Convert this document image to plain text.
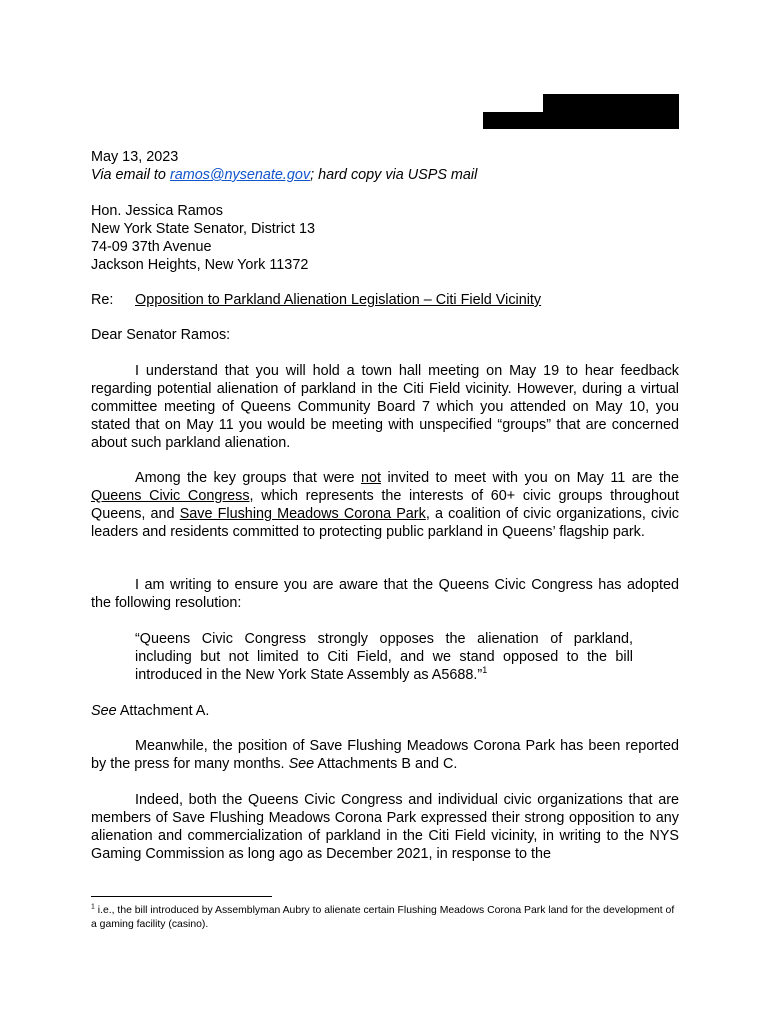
May 13, 2023

Via email to ramos@nysenate.gov; hard copy via USPS mail

Hon. Jessica Ramos
New York State Senator, District 13
74-09 37th Avenue
Jackson Heights, New York 11372

Re: Opposition to Parkland Alienation Legislation – Citi Field Vicinity

Dear Senator Ramos:

I understand that you will hold a town hall meeting on May 19 to hear feedback regarding potential alienation of parkland in the Citi Field vicinity. However, during a virtual committee meeting of Queens Community Board 7 which you attended on May 10, you stated that on May 11 you would be meeting with unspecified “groups” that are concerned about such parkland alienation.

Among the key groups that were not invited to meet with you on May 11 are the Queens Civic Congress, which represents the interests of 60+ civic groups throughout Queens, and Save Flushing Meadows Corona Park, a coalition of civic organizations, civic leaders and residents committed to protecting public parkland in Queens’ flagship park.

I am writing to ensure you are aware that the Queens Civic Congress has adopted the following resolution:

“Queens Civic Congress strongly opposes the alienation of parkland, including but not limited to Citi Field, and we stand opposed to the bill introduced in the New York State Assembly as A5688.”$^1$

See Attachment A.

Meanwhile, the position of Save Flushing Meadows Corona Park has been reported by the press for many months. See Attachments B and C.

Indeed, both the Queens Civic Congress and individual civic organizations that are members of Save Flushing Meadows Corona Park expressed their strong opposition to any alienation and commercialization of parkland in the Citi Field vicinity, in writing to the NYS Gaming Commission as long ago as December 2021, in response to the

$^1$ i.e., the bill introduced by Assemblyman Aubry to alienate certain Flushing Meadows Corona Park land for the development of a gaming facility (casino).
